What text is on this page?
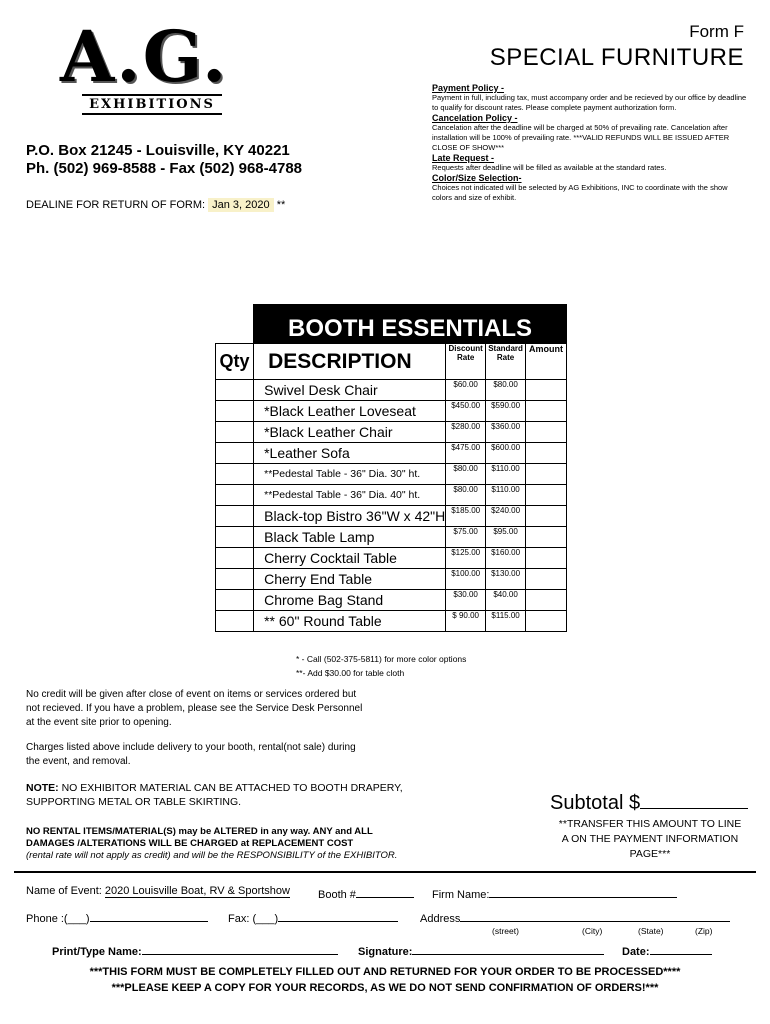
Form F
SPECIAL FURNITURE
A.G.
EXHIBITIONS
P.O. Box 21245 - Louisville, KY 40221
Ph. (502) 969-8588 - Fax (502) 968-4788
DEALINE FOR RETURN OF FORM: Jan 3, 2020 **
Payment Policy -
Payment in full, including tax, must accompany order and be recieved by our office by deadline to qualify for discount rates. Please complete payment authorization form.
Cancelation Policy -
Cancelation after the deadline will be charged at 50% of prevailing rate. Cancelation after installation will be 100% of prevailing rate. ***VALID REFUNDS WILL BE ISSUED AFTER CLOSE OF SHOW***
Late Request -
Requests after deadline will be filled as available at the standard rates.
Color/Size Selection-
Choices not indicated will be selected by AG Exhibitions, INC to coordinate with the show colors and size of exhibit.
	BOOTH ESSENTIALS			
Qty	DESCRIPTION	Discount Rate	Standard Rate	Amount
	Swivel Desk Chair	$60.00	$80.00	
	*Black Leather Loveseat	$450.00	$590.00	
	*Black Leather Chair	$280.00	$360.00	
	*Leather Sofa	$475.00	$600.00	
	**Pedestal Table - 36" Dia. 30" ht.	$80.00	$110.00	
	**Pedestal Table - 36" Dia. 40" ht.	$80.00	$110.00	
	Black-top Bistro 36"W x 42"H	$185.00	$240.00	
	Black Table Lamp	$75.00	$95.00	
	Cherry Cocktail Table	$125.00	$160.00	
	Cherry End Table	$100.00	$130.00	
	Chrome Bag Stand	$30.00	$40.00	
	** 60" Round Table	$ 90.00	$115.00	
* - Call (502-375-5811) for more color options
**- Add $30.00 for table cloth
No credit will be given after close of event on items or services ordered but not recieved. If you have a problem, please see the Service Desk Personnel at the event site prior to opening.
Charges listed above include delivery to your booth, rental(not sale) during the event, and removal.
NOTE: NO EXHIBITOR MATERIAL CAN BE ATTACHED TO BOOTH DRAPERY, SUPPORTING METAL OR TABLE SKIRTING.
NO RENTAL ITEMS/MATERIAL(S) may be ALTERED in any way. ANY and ALL
DAMAGES /ALTERATIONS WILL BE CHARGED at REPLACEMENT COST
(rental rate will not apply as credit) and will be the RESPONSIBILITY of the EXHIBITOR.
Subtotal $
**TRANSFER THIS AMOUNT TO LINE A ON THE PAYMENT INFORMATION PAGE***
Name of Event: 2020 Louisville Boat, RV & Sportshow	Booth #	Firm Name:
Phone :(___)	Fax: (___)	Address
(street)	(City)	(State)	(Zip)
Print/Type Name:	Signature:	Date:
***THIS FORM MUST BE COMPLETELY FILLED OUT AND RETURNED FOR YOUR ORDER TO BE PROCESSED****
***PLEASE KEEP A COPY FOR YOUR RECORDS, AS WE DO NOT SEND CONFIRMATION OF ORDERS!***
